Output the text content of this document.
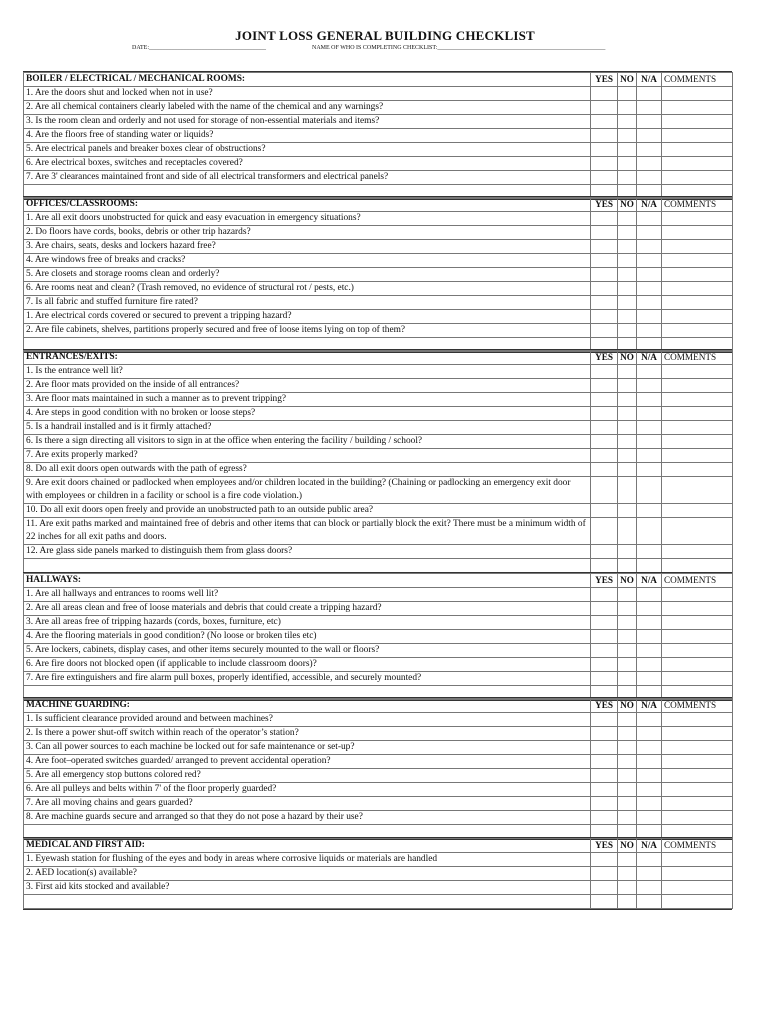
JOINT LOSS GENERAL BUILDING CHECKLIST
DATE:_______________________________________	NAME OF WHO IS COMPLETING CHECKLIST:________________________________________________________
BOILER / ELECTRICAL / MECHANICAL ROOMS:	YES	NO	N/A	COMMENTS
1. Are the doors shut and locked when not in use?				
2. Are all chemical containers clearly labeled with the name of the chemical and any warnings?				
3. Is the room clean and orderly and not used for storage of non-essential materials and items?				
4. Are the floors free of standing water or liquids?				
5. Are electrical panels and breaker boxes clear of obstructions?				
6. Are electrical boxes, switches and receptacles covered?				
7. Are 3' clearances maintained front and side of all electrical transformers and electrical panels?				

OFFICES/CLASSROOMS:	YES	NO	N/A	COMMENTS
1. Are all exit doors unobstructed for quick and easy evacuation in emergency situations?				
2. Do floors have cords, books, debris or other trip hazards?				
3. Are chairs, seats, desks and lockers hazard free?				
4. Are windows free of breaks and cracks?				
5. Are closets and storage rooms clean and orderly?				
6. Are rooms neat and clean? (Trash removed, no evidence of structural rot / pests, etc.)				
7. Is all fabric and stuffed furniture fire rated?				
1. Are electrical cords covered or secured to prevent a tripping hazard?				
2. Are file cabinets, shelves, partitions properly secured and free of loose items lying on top of them?				

ENTRANCES/EXITS:	YES	NO	N/A	COMMENTS
1. Is the entrance well lit?				
2. Are floor mats provided on the inside of all entrances?				
3. Are floor mats maintained in such a manner as to prevent tripping?				
4. Are steps in good condition with no broken or loose steps?				
5. Is a handrail installed and is it firmly attached?				
6. Is there a sign directing all visitors to sign in at the office when entering the facility / building / school?				
7. Are exits properly marked?				
8. Do all exit doors open outwards with the path of egress?				
9. Are exit doors chained or padlocked when employees and/or children located in the building? (Chaining or padlocking an emergency exit door with employees or children in a facility or school is a fire code violation.)				
10. Do all exit doors open freely and provide an unobstructed path to an outside public area?				
11. Are exit paths marked and maintained free of debris and other items that can block or partially block the exit? There must be a minimum width of 22 inches for all exit paths and doors.				
12. Are glass side panels marked to distinguish them from glass doors?				

HALLWAYS:	YES	NO	N/A	COMMENTS
1. Are all hallways and entrances to rooms well lit?				
2. Are all areas clean and free of loose materials and debris that could create a tripping hazard?				
3. Are all areas free of tripping hazards (cords, boxes, furniture, etc)				
4. Are the flooring materials in good condition? (No loose or broken tiles etc)				
5. Are lockers, cabinets, display cases, and other items securely mounted to the wall or floors?				
6. Are fire doors not blocked open (if applicable to include classroom doors)?				
7. Are fire extinguishers and fire alarm pull boxes, properly identified, accessible, and securely mounted?				

MACHINE GUARDING:	YES	NO	N/A	COMMENTS
1. Is sufficient clearance provided around and between machines?				
2. Is there a power shut-off switch within reach of the operator’s station?				
3. Can all power sources to each machine be locked out for safe maintenance or set-up?				
4. Are foot–operated switches guarded/ arranged to prevent accidental operation?				
5. Are all emergency stop buttons colored red?				
6. Are all pulleys and belts within 7' of the floor properly guarded?				
7. Are all moving chains and gears guarded?				
8. Are machine guards secure and arranged so that they do not pose a hazard by their use?				

MEDICAL AND FIRST AID:	YES	NO	N/A	COMMENTS
1. Eyewash station for flushing of the eyes and body in areas where corrosive liquids or materials are handled				
2. AED location(s) available?				
3. First aid kits stocked and available?				
